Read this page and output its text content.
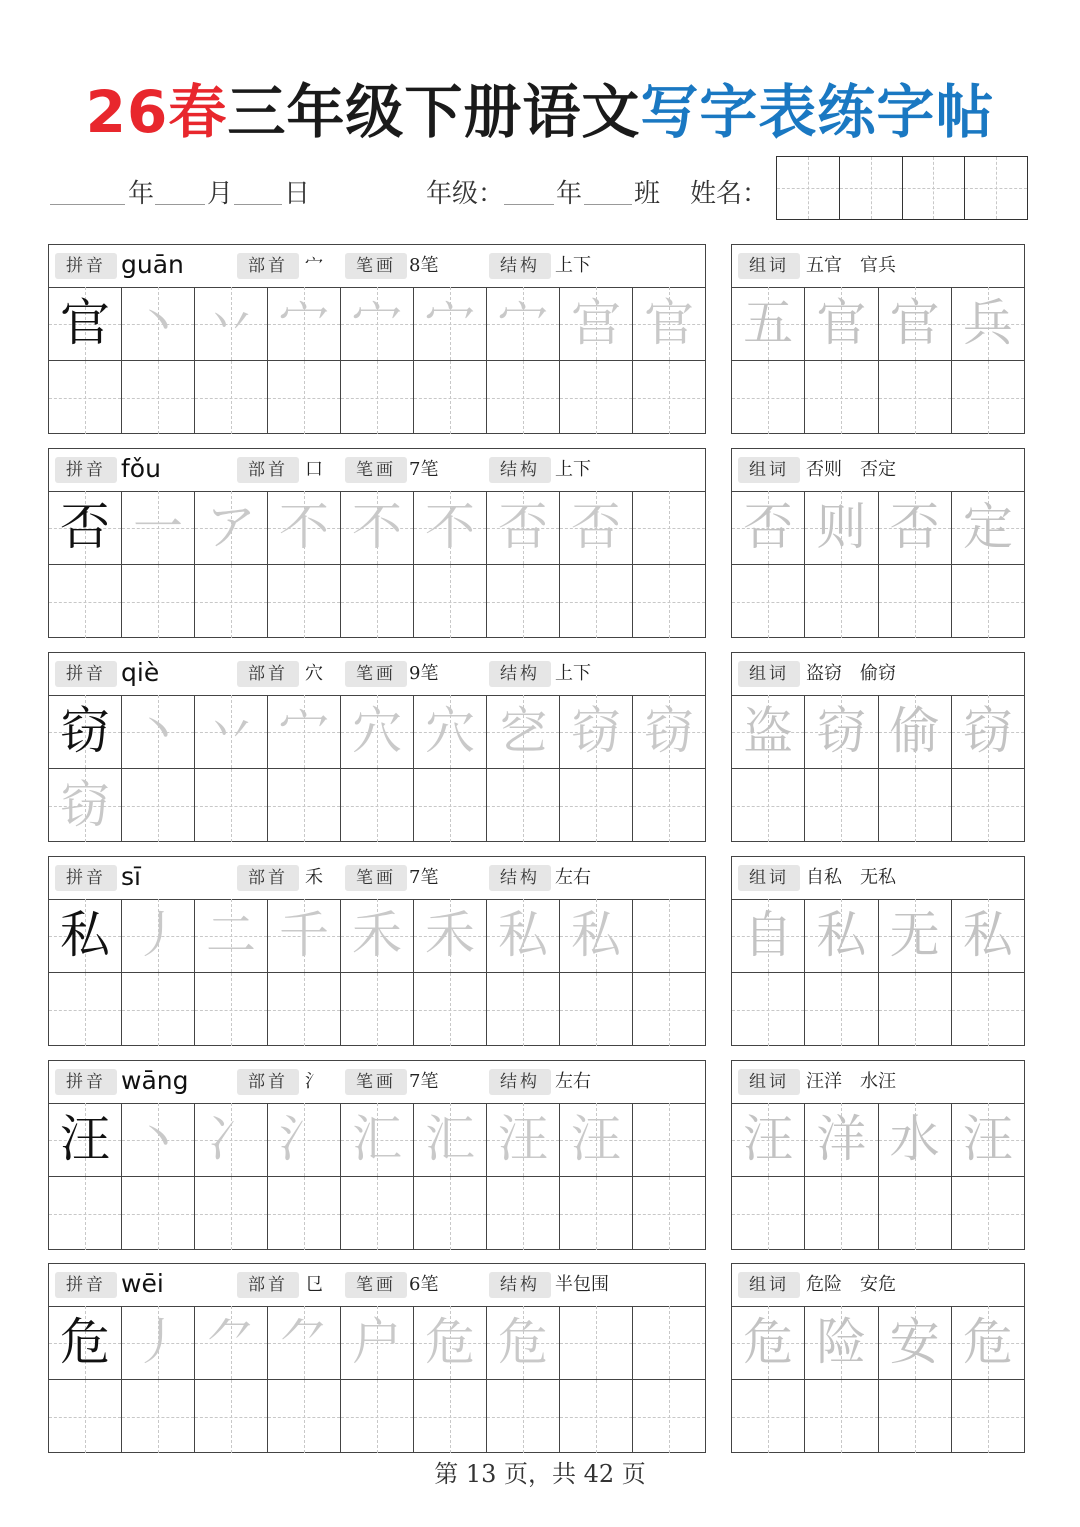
26春三年级下册语文写字表练字帖
年 月 日	年级： 年 班 姓名：
拼音 guān	部首 宀	笔画 8笔	结构 上下
官 丶 丷 宀 宀 宀 宀 宫 官
组词 五官　官兵
五 官 官 兵
拼音 fǒu	部首 口	笔画 7笔	结构 上下
否 一 ア 不 不 不 否 否
组词 否则　否定
否 则 否 定
拼音 qiè	部首 穴	笔画 9笔	结构 上下
窃 丶 丷 宀 穴 穴 穵 窃 窃
窃
组词 盗窃　偷窃
盗 窃 偷 窃
拼音 sī	部首 禾	笔画 7笔	结构 左右
私 丿 二 千 禾 禾 私 私
组词 自私　无私
自 私 无 私
拼音 wāng	部首 氵	笔画 7笔	结构 左右
汪 丶 冫 氵 汇 汇 汪 汪
组词 汪洋　水汪
汪 洋 水 汪
拼音 wēi	部首 㔾	笔画 6笔	结构 半包围
危 丿 ⺈ ⺈ 户 危 危
组词 危险　安危
危 险 安 危
第 13 页，共 42 页
